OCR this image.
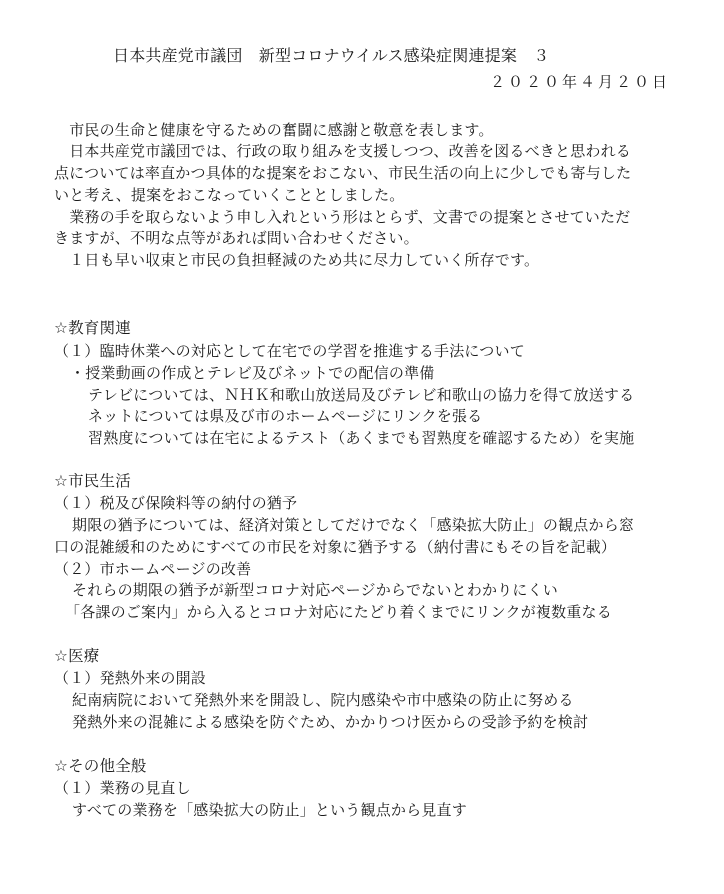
日本共産党市議団　新型コロナウイルス感染症関連提案　３
２０２０年４月２０日
　市民の生命と健康を守るための奮闘に感謝と敬意を表します。
　日本共産党市議団では、行政の取り組みを支援しつつ、改善を図るべきと思われる
点については率直かつ具体的な提案をおこない、市民生活の向上に少しでも寄与した
いと考え、提案をおこなっていくこととしました。
　業務の手を取らないよう申し入れという形はとらず、文書での提案とさせていただ
きますが、不明な点等があれば問い合わせください。
　１日も早い収束と市民の負担軽減のため共に尽力していく所存です。
☆教育関連
（１）臨時休業への対応として在宅での学習を推進する手法について
・授業動画の作成とテレビ及びネットでの配信の準備
テレビについては、ＮＨＫ和歌山放送局及びテレビ和歌山の協力を得て放送する
ネットについては県及び市のホームページにリンクを張る
習熟度については在宅によるテスト（あくまでも習熟度を確認するため）を実施
☆市民生活
（１）税及び保険料等の納付の猶予
期限の猶予については、経済対策としてだけでなく「感染拡大防止」の観点から窓
口の混雑緩和のためにすべての市民を対象に猶予する（納付書にもその旨を記載）
（２）市ホームページの改善
それらの期限の猶予が新型コロナ対応ページからでないとわかりにくい
「各課のご案内」から入るとコロナ対応にたどり着くまでにリンクが複数重なる
☆医療
（１）発熱外来の開設
紀南病院において発熱外来を開設し、院内感染や市中感染の防止に努める
発熱外来の混雑による感染を防ぐため、かかりつけ医からの受診予約を検討
☆その他全般
（１）業務の見直し
すべての業務を「感染拡大の防止」という観点から見直す
